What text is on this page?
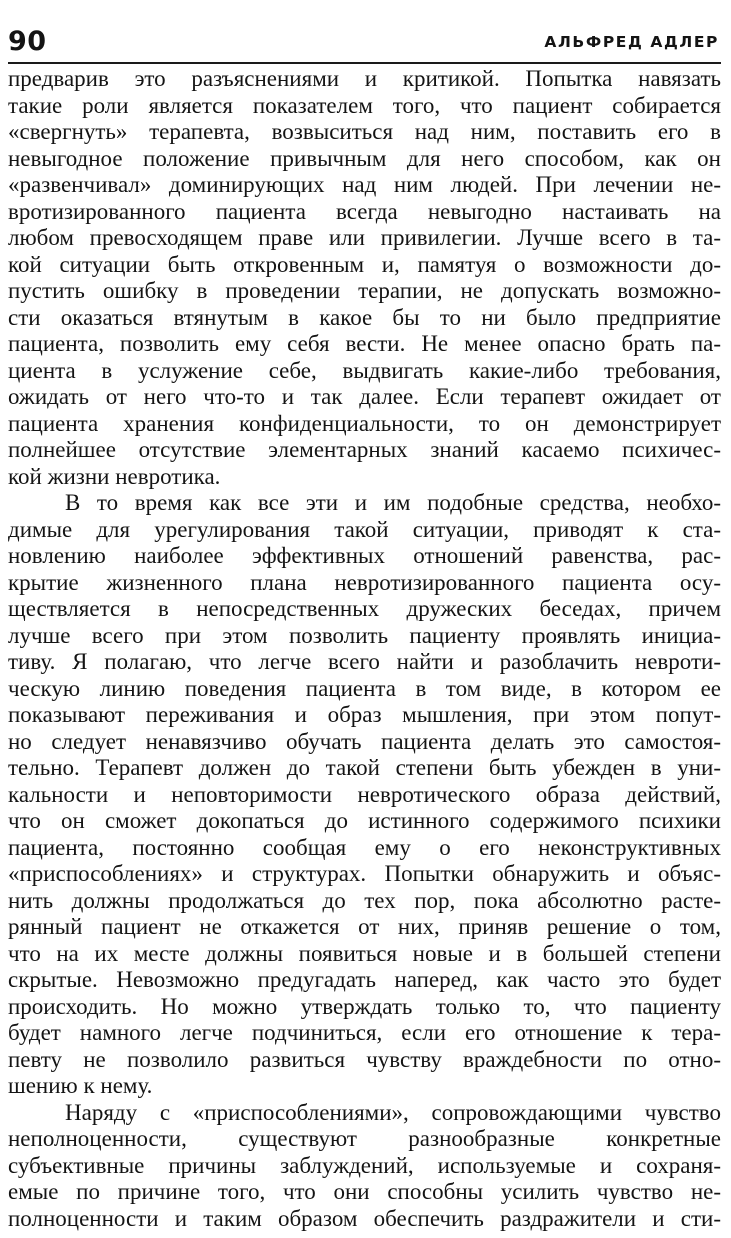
90	АЛЬФРЕД АДЛЕР
предварив это разъяснениями и критикой. Попытка навязать
такие роли является показателем того, что пациент собирается
«свергнуть» терапевта, возвыситься над ним, поставить его в
невыгодное положение привычным для него способом, как он
«развенчивал» доминирующих над ним людей. При лечении не-
вротизированного пациента всегда невыгодно настаивать на
любом превосходящем праве или привилегии. Лучше всего в та-
кой ситуации быть откровенным и, памятуя о возможности до-
пустить ошибку в проведении терапии, не допускать возможно-
сти оказаться втянутым в какое бы то ни было предприятие
пациента, позволить ему себя вести. Не менее опасно брать па-
циента в услужение себе, выдвигать какие-либо требования,
ожидать от него что-то и так далее. Если терапевт ожидает от
пациента хранения конфиденциальности, то он демонстрирует
полнейшее отсутствие элементарных знаний касаемо психичес-
кой жизни невротика.
В то время как все эти и им подобные средства, необхо-
димые для урегулирования такой ситуации, приводят к ста-
новлению наиболее эффективных отношений равенства, рас-
крытие жизненного плана невротизированного пациента осу-
ществляется в непосредственных дружеских беседах, причем
лучше всего при этом позволить пациенту проявлять инициа-
тиву. Я полагаю, что легче всего найти и разоблачить невроти-
ческую линию поведения пациента в том виде, в котором ее
показывают переживания и образ мышления, при этом попут-
но следует ненавязчиво обучать пациента делать это самостоя-
тельно. Терапевт должен до такой степени быть убежден в уни-
кальности и неповторимости невротического образа действий,
что он сможет докопаться до истинного содержимого психики
пациента, постоянно сообщая ему о его неконструктивных
«приспособлениях» и структурах. Попытки обнаружить и объяс-
нить должны продолжаться до тех пор, пока абсолютно расте-
рянный пациент не откажется от них, приняв решение о том,
что на их месте должны появиться новые и в большей степени
скрытые. Невозможно предугадать наперед, как часто это будет
происходить. Но можно утверждать только то, что пациенту
будет намного легче подчиниться, если его отношение к тера-
певту не позволило развиться чувству враждебности по отно-
шению к нему.
Наряду с «приспособлениями», сопровождающими чувство
неполноценности, существуют разнообразные конкретные
субъективные причины заблуждений, используемые и сохраня-
емые по причине того, что они способны усилить чувство не-
полноценности и таким образом обеспечить раздражители и сти-
